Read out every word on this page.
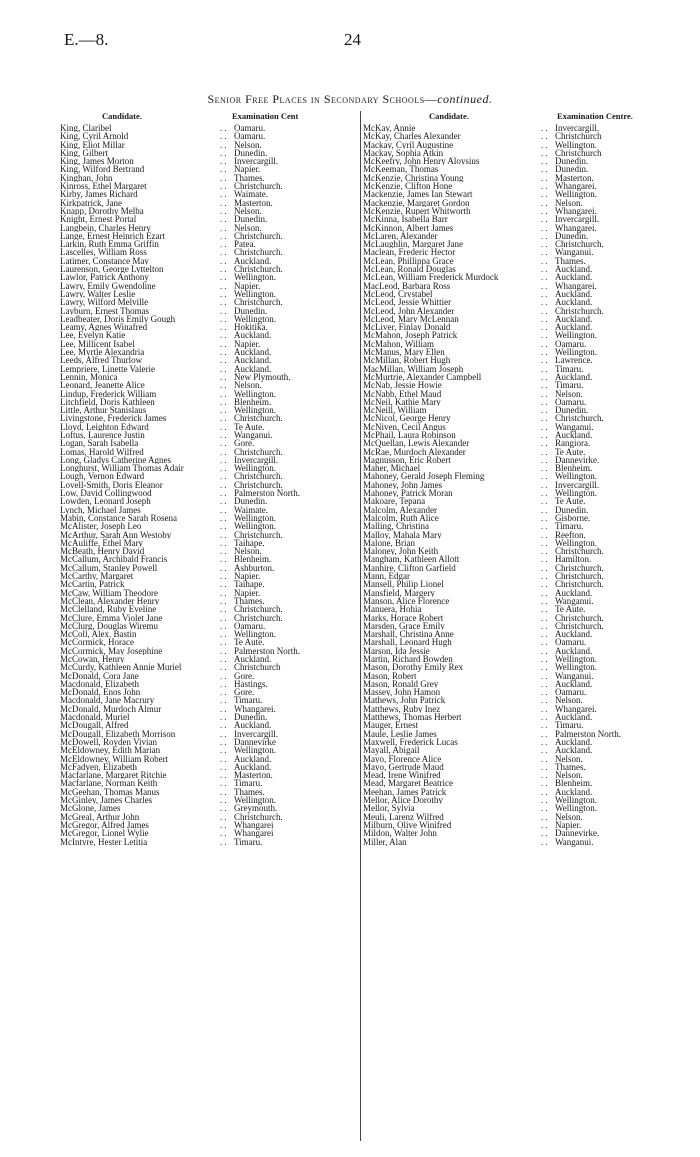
E.—8.	24
Senior Free Places in Secondary Schools—continued.
Candidate.	Examination Cent
King, Claribel	.. Oamaru.
King, Cyril Arnold	.. Oamaru.
King, Eliot Millar	.. Nelson.
King, Gilbert	.. Dunedin.
King, James Morton	.. Invercargill.
King, Wilford Bertrand	.. Napier.
Kinghan, John	.. Thames.
Kinross, Ethel Margaret	.. Christchurch.
Kirby, James Richard	.. Waimate.
Kirkpatrick, Jane	.. Masterton.
Knapp, Dorothy Melba	.. Nelson.
Knight, Ernest Portal	.. Dunedin.
Langbein, Charles Henry	.. Nelson.
Lange, Ernest Heinrich Ezart	.. Christchurch.
Larkin, Ruth Emma Griffin	.. Patea.
Lascelles, William Ross	.. Christchurch.
Latimer, Constance May	.. Auckland.
Laurenson, George Lyttelton	.. Christchurch.
Lawlor, Patrick Anthony	.. Wellington.
Lawry, Emily Gwendoline	.. Napier.
Lawry, Walter Leslie	.. Wellington.
Lawry, Wilford Melville	.. Christchurch.
Layburn, Ernest Thomas	.. Dunedin.
Leadbeater, Doris Emily Gough	.. Wellington.
Leamy, Agnes Winafred	.. Hokitika.
Lee, Evelyn Katie	.. Auckland.
Lee, Millicent Isabel	.. Napier.
Lee, Myrtle Alexandria	.. Auckland.
Leeds, Alfred Thurlow	.. Auckland.
Lempriere, Linette Valerie	.. Auckland.
Lennin, Monica	.. New Plymouth.
Leonard, Jeanette Alice	.. Nelson.
Lindup, Frederick William	.. Wellington.
Litchfield, Doris Kathleen	.. Blenheim.
Little, Arthur Stanislaus	.. Wellington.
Livingstone, Frederick James	.. Christchurch.
Lloyd, Leighton Edward	.. Te Aute.
Loftus, Laurence Justin	.. Wanganui.
Logan, Sarah Isabella	.. Gore.
Lomas, Harold Wilfred	.. Christchurch.
Long, Gladys Catherine Agnes	.. Invercargill.
Longhurst, William Thomas Adair	.. Wellington.
Lough, Vernon Edward	.. Christchurch.
Lovell-Smith, Doris Eleanor	.. Christchurch.
Low, David Collingwood	.. Palmerston North.
Lowden, Leonard Joseph	.. Dunedin.
Lynch, Michael James	.. Waimate.
Mabin, Constance Sarah Rosena	.. Wellington.
McAlister, Joseph Leo	.. Wellington.
McArthur, Sarah Ann Westoby	.. Christchurch.
McAuliffe, Ethel Mary	.. Taihape.
McBeath, Henry David	.. Nelson.
McCallum, Archibald Francis	.. Blenheim.
McCallum, Stanley Powell	.. Ashburton.
McCarthy, Margaret	.. Napier.
McCartin, Patrick	.. Taihape.
McCaw, William Theodore	.. Napier.
McClean, Alexander Henry	.. Thames.
McClelland, Ruby Eveline	.. Christchurch.
McClure, Emma Violet Jane	.. Christchurch.
McClurg, Douglas Wiremu	.. Oamaru.
McColl, Alex. Bastin	.. Wellington.
McCormick, Horace	.. Te Aute.
McCormick, May Josephine	.. Palmerston North.
McCowan, Henry	.. Auckland.
McCurdy, Kathleen Annie Muriel	.. Christchurch
McDonald, Cora Jane	.. Gore.
Macdonald, Elizabeth	.. Hastings.
McDonald, Enos John	.. Gore.
Macdonald, Jane Macrury	.. Timaru.
McDonald, Murdoch Almur	.. Whangarei.
Macdonald, Muriel	.. Dunedin.
McDougall, Alfred	.. Auckland.
McDougall, Elizabeth Morrison	.. Invercargill.
McDowell, Royden Vivian	.. Dannevirke
McEldowney, Edith Marian	.. Wellington.
McEldowney, William Robert	.. Auckland.
McFadyen, Elizabeth	.. Auckland.
Macfarlane, Margaret Ritchie	.. Masterton.
Macfarlane, Norman Keith	.. Timaru.
McGeehan, Thomas Manus	.. Thames.
McGinley, James Charles	.. Wellington.
McGlone, James	.. Greymouth.
McGreal, Arthur John	.. Christchurch.
McGregor, Alfred James	.. Whangarei
McGregor, Lionel Wylie	.. Whangarei
McIntyre, Hester Letitia	.. Timaru.
Candidate.	Examination Centre.
McKay, Annie	.. Invercargill.
McKay, Charles Alexander	.. Christchurch
Mackay, Cyril Augustine	.. Wellington.
Mackay, Sophia Atkin	.. Christchurch
McKeefry, John Henry Aloysius	.. Dunedin.
McKeeman, Thomas	.. Dunedin.
McKenzie, Christina Young	.. Masterton.
McKenzie, Clifton Hone	.. Whangarei.
Mackenzie, James Ian Stewart	.. Wellington.
Mackenzie, Margaret Gordon	.. Nelson.
McKenzie, Rupert Whitworth	.. Whangarei.
McKinna, Isabella Barr	.. Invercargill.
McKinnon, Albert James	.. Whangarei.
McLaren, Alexander	.. Dunedin.
McLaughlin, Margaret Jane	.. Christchurch.
Maclean, Frederic Hector	.. Wanganui.
McLean, Phillippa Grace	.. Thames.
McLean, Ronald Douglas	.. Auckland.
McLean, William Frederick Murdock	.. Auckland.
MacLeod, Barbara Ross	.. Whangarei.
McLeod, Crystabel	.. Auckland.
McLeod, Jessie Whittier	.. Auckland.
McLeod, John Alexander	.. Christchurch.
McLeod, Mary McLennan	.. Auckland.
McLiver, Finlay Donald	.. Auckland.
McMahon, Joseph Patrick	.. Wellington.
McMahon, William	.. Oamaru.
McManus, Mary Ellen	.. Wellington.
McMillan, Robert Hugh	.. Lawrence.
MacMillan, William Joseph	.. Timaru.
McMurtrie, Alexander Campbell	.. Auckland.
McNab, Jessie Howie	.. Timaru.
McNabb, Ethel Maud	.. Nelson.
McNeil, Kathie Mary	.. Oamaru.
McNeill, William	.. Dunedin.
McNicol, George Henry	.. Christchurch.
McNiven, Cecil Angus	.. Wanganui.
McPhail, Laura Robinson	.. Auckland.
McQuellan, Lewis Alexander	.. Rangiora.
McRae, Murdoch Alexander	.. Te Aute.
Magnusson, Eric Robert	.. Dannevirke.
Maher, Michael	.. Blenheim.
Mahoney, Gerald Joseph Fleming	.. Wellington.
Mahoney, John James	.. Invercargill.
Mahoney, Patrick Moran	.. Wellington.
Makoare, Tepana	.. Te Aute.
Malcolm, Alexander	.. Dunedin.
Malcolm, Ruth Alice	.. Gisborne.
Malling, Christina	.. Timaru.
Malloy, Mahala Mary	.. Reefton.
Malone, Brian	.. Wellington.
Maloney, John Keith	.. Christchurch.
Mangham, Kathleen Allott	.. Hamilton.
Manhire, Clifton Garfield	.. Christchurch.
Mann, Edgar	.. Christchurch.
Mansell, Philip Lionel	.. Christchurch.
Mansfield, Margery	.. Auckland.
Manson, Alice Florence	.. Wanganui.
Manuera, Hohia	.. Te Aute.
Marks, Horace Robert	.. Christchurch.
Marsden, Grace Emily	.. Christchurch.
Marshall, Christina Anne	.. Auckland.
Marshall, Leonard Hugh	.. Oamaru.
Marson, Ida Jessie	.. Auckland.
Martin, Richard Bowden	.. Wellington.
Mason, Dorothy Emily Rex	.. Wellington.
Mason, Robert	.. Wanganui.
Mason, Ronald Grey	.. Auckland.
Massey, John Hamon	.. Oamaru.
Mathews, John Patrick	.. Nelson.
Matthews, Ruby Inez	.. Whangarei.
Matthews, Thomas Herbert	.. Auckland.
Mauger, Ernest	.. Timaru.
Maule, Leslie James	.. Palmerston North.
Maxwell, Frederick Lucas	.. Auckland.
Mayall, Abigail	.. Auckland.
Mayo, Florence Alice	.. Nelson.
Mayo, Gertrude Maud	.. Thames.
Mead, Irene Winifred	.. Nelson.
Mead, Margaret Beatrice	.. Blenheim.
Meehan, James Patrick	.. Auckland.
Mellor, Alice Dorothy	.. Wellington.
Mellor, Sylvia	.. Wellington.
Meuli, Larenz Wilfred	.. Nelson.
Milburn, Olive Winifred	.. Napier.
Mildon, Walter John	.. Dannevirke.
Miller, Alan	.. Wanganui.
